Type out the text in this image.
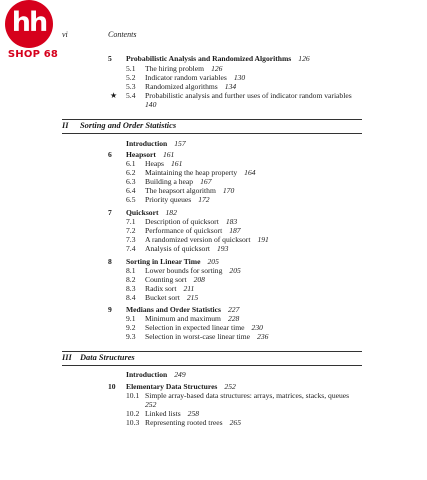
hh
SHOP 68
vi	Contents
5	Probabilistic Analysis and Randomized Algorithms 126
5.1 The hiring problem 126
5.2 Indicator random variables 130
5.3 Randomized algorithms 134
★ 5.4 Probabilistic analysis and further uses of indicator random variables
140
II Sorting and Order Statistics
Introduction 157
6	Heapsort 161
6.1 Heaps 161
6.2 Maintaining the heap property 164
6.3 Building a heap 167
6.4 The heapsort algorithm 170
6.5 Priority queues 172
7	Quicksort 182
7.1 Description of quicksort 183
7.2 Performance of quicksort 187
7.3 A randomized version of quicksort 191
7.4 Analysis of quicksort 193
8	Sorting in Linear Time 205
8.1 Lower bounds for sorting 205
8.2 Counting sort 208
8.3 Radix sort 211
8.4 Bucket sort 215
9	Medians and Order Statistics 227
9.1 Minimum and maximum 228
9.2 Selection in expected linear time 230
9.3 Selection in worst-case linear time 236
III Data Structures
Introduction 249
10	Elementary Data Structures 252
10.1 Simple array-based data structures: arrays, matrices, stacks, queues
252
10.2 Linked lists 258
10.3 Representing rooted trees 265
